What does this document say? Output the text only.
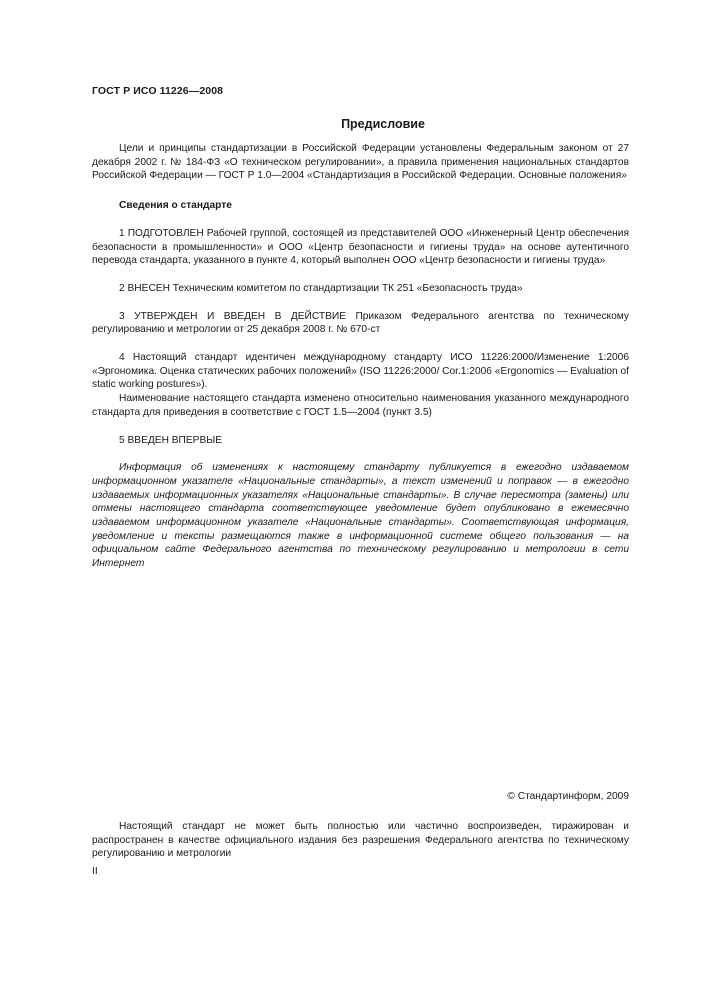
ГОСТ Р ИСО 11226—2008
Предисловие

Цели и принципы стандартизации в Российской Федерации установлены Федеральным законом от 27 декабря 2002 г. № 184-ФЗ «О техническом регулировании», а правила применения национальных стандартов Российской Федерации — ГОСТ Р 1.0—2004 «Стандартизация в Российской Федерации. Основные положения»

Сведения о стандарте

1 ПОДГОТОВЛЕН Рабочей группой, состоящей из представителей ООО «Инженерный Центр обеспечения безопасности в промышленности» и ООО «Центр безопасности и гигиены труда» на основе аутентичного перевода стандарта, указанного в пункте 4, который выполнен ООО «Центр безопасности и гигиены труда»

2 ВНЕСЕН Техническим комитетом по стандартизации ТК 251 «Безопасность труда»

3 УТВЕРЖДЕН И ВВЕДЕН В ДЕЙСТВИЕ Приказом Федерального агентства по техническому регулированию и метрологии от 25 декабря 2008 г. № 670-ст

4 Настоящий стандарт идентичен международному стандарту ИСО 11226:2000/Изменение 1:2006 «Эргономика. Оценка статических рабочих положений» (ISO 11226:2000/ Cor.1:2006 «Ergonomics — Evaluation of static working postures»).

Наименование настоящего стандарта изменено относительно наименования указанного международного стандарта для приведения в соответствие с ГОСТ 1.5—2004 (пункт 3.5)

5 ВВЕДЕН ВПЕРВЫЕ

Информация об изменениях к настоящему стандарту публикуется в ежегодно издаваемом информационном указателе «Национальные стандарты», а текст изменений и поправок — в ежегодно издаваемых информационных указателях «Национальные стандарты». В случае пересмотра (замены) или отмены настоящего стандарта соответствующее уведомление будет опубликовано в ежемесячно издаваемом информационном указателе «Национальные стандарты». Соответствующая информация, уведомление и тексты размещаются также в информационной системе общего пользования — на официальном сайте Федерального агентства по техническому регулированию и метрологии в сети Интернет

© Стандартинформ, 2009

Настоящий стандарт не может быть полностью или частично воспроизведен, тиражирован и распространен в качестве официального издания без разрешения Федерального агентства по техническому регулированию и метрологии

II
